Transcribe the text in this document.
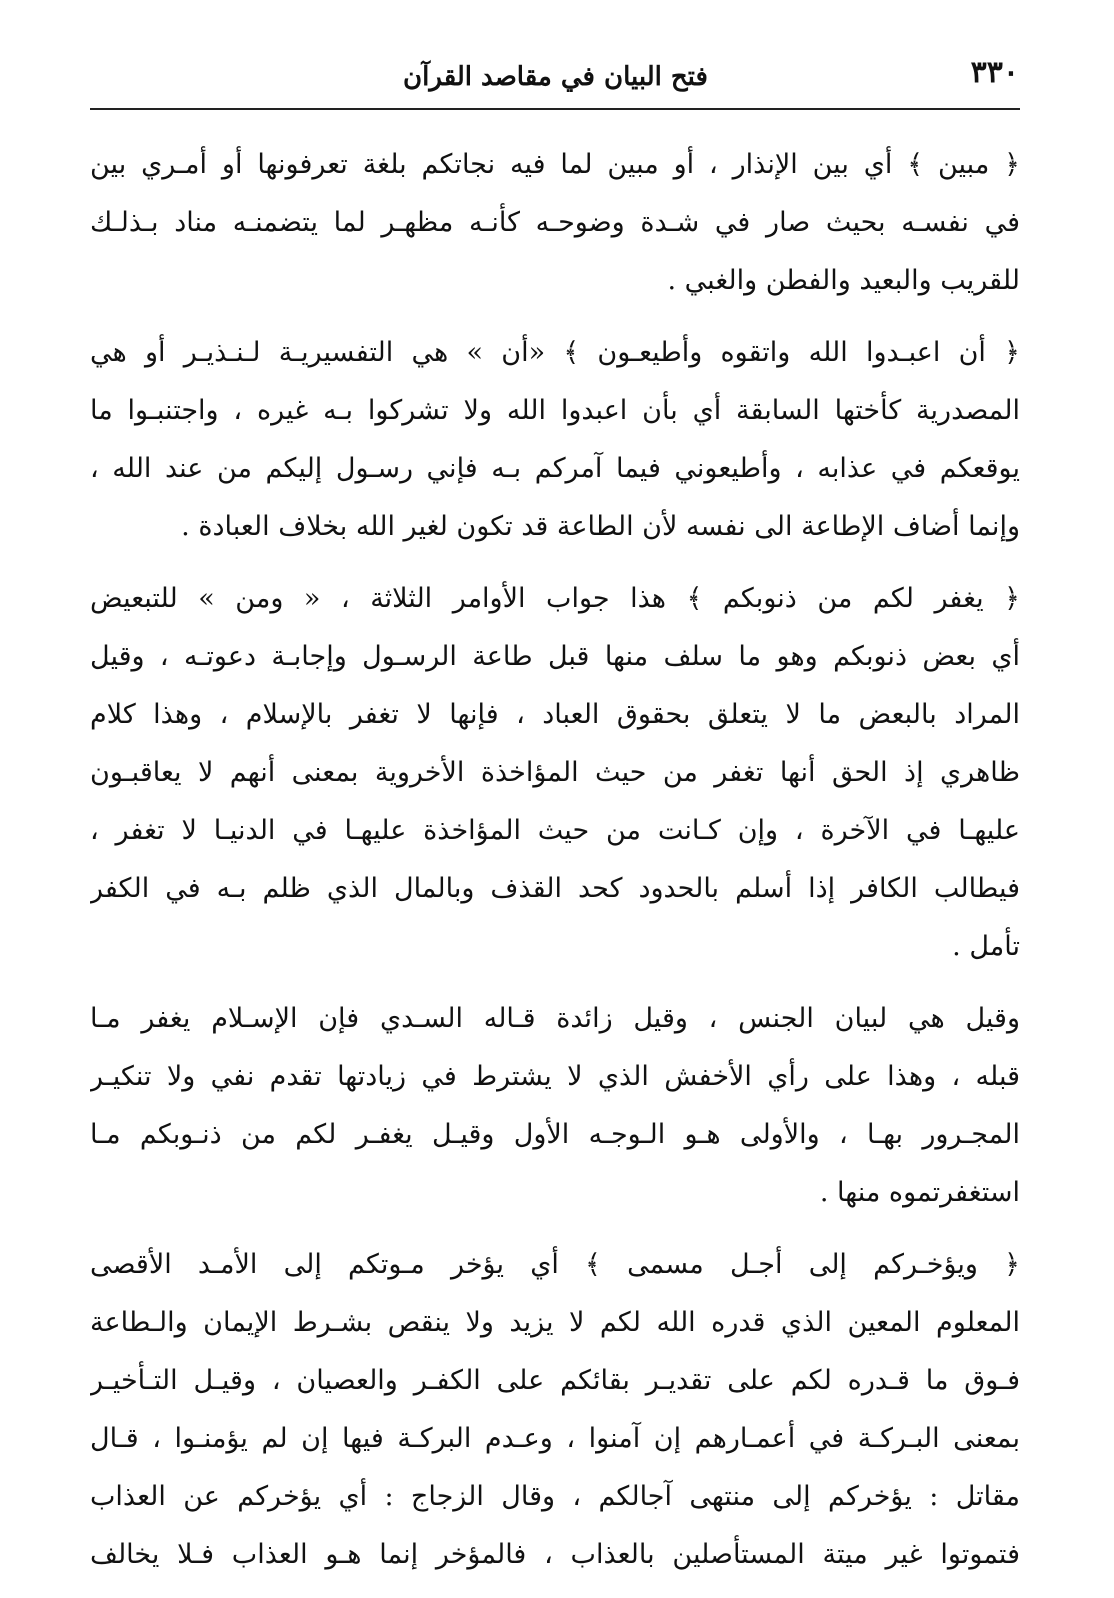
٣٣٠
فتح البيان في مقاصد القرآن
﴿ مبين ﴾ أي بين الإنذار ، أو مبين لما فيه نجاتكم بلغة تعرفونها أو أمـري بين
في نفسـه بحيث صار في شـدة وضوحـه كأنـه مظهـر لما يتضمنـه مناد بـذلـك
للقريب والبعيد والفطن والغبي .
﴿ أن اعبـدوا الله واتقوه وأطيعـون ﴾ «أن » هي التفسيريـة لـنـذيـر أو هي
المصدرية كأختها السابقة أي بأن اعبدوا الله ولا تشركوا بـه غيره ، واجتنبـوا ما
يوقعكم في عذابه ، وأطيعوني فيما آمركم بـه فإني رسـول إليكم من عند الله ،
وإنما أضاف الإطاعة الى نفسه لأن الطاعة قد تكون لغير الله بخلاف العبادة .
﴿ يغفر لكم من ذنوبكم ﴾ هذا جواب الأوامر الثلاثة ، « ومن » للتبعيض
أي بعض ذنوبكم وهو ما سلف منها قبل طاعة الرسـول وإجابـة دعوتـه ، وقيل
المراد بالبعض ما لا يتعلق بحقوق العباد ، فإنها لا تغفر بالإسلام ، وهذا كلام
ظاهري إذ الحق أنها تغفر من حيث المؤاخذة الأخروية بمعنى أنهم لا يعاقبـون
عليهـا في الآخرة ، وإن كـانت من حيث المؤاخذة عليهـا في الدنيـا لا تغفر ،
فيطالب الكافر إذا أسلم بالحدود كحد القذف وبالمال الذي ظلم بـه في الكفر
تأمل .
وقيل هي لبيان الجنس ، وقيل زائدة قـاله السـدي فإن الإسـلام يغفر مـا
قبله ، وهذا على رأي الأخفش الذي لا يشترط في زيادتها تقدم نفي ولا تنكيـر
المجـرور بهـا ، والأولى هـو الـوجـه الأول وقيـل يغفـر لكم من ذنـوبكم مـا
استغفرتموه منها .
﴿ ويؤخـركم إلى أجـل مسمى ﴾ أي يؤخر مـوتكم إلى الأمـد الأقصى
المعلوم المعين الذي قدره الله لكم لا يزيد ولا ينقص بشـرط الإيمان والـطاعة
فـوق ما قـدره لكم على تقديـر بقائكم على الكفـر والعصيان ، وقيـل التـأخيـر
بمعنى البـركـة في أعمـارهم إن آمنوا ، وعـدم البركـة فيها إن لم يؤمنـوا ، قـال
مقاتل : يؤخركم إلى منتهى آجالكم ، وقال الزجاج : أي يؤخركم عن العذاب
فتموتوا غير ميتة المستأصلين بالعذاب ، فالمؤخر إنما هـو العذاب فـلا يخالف
